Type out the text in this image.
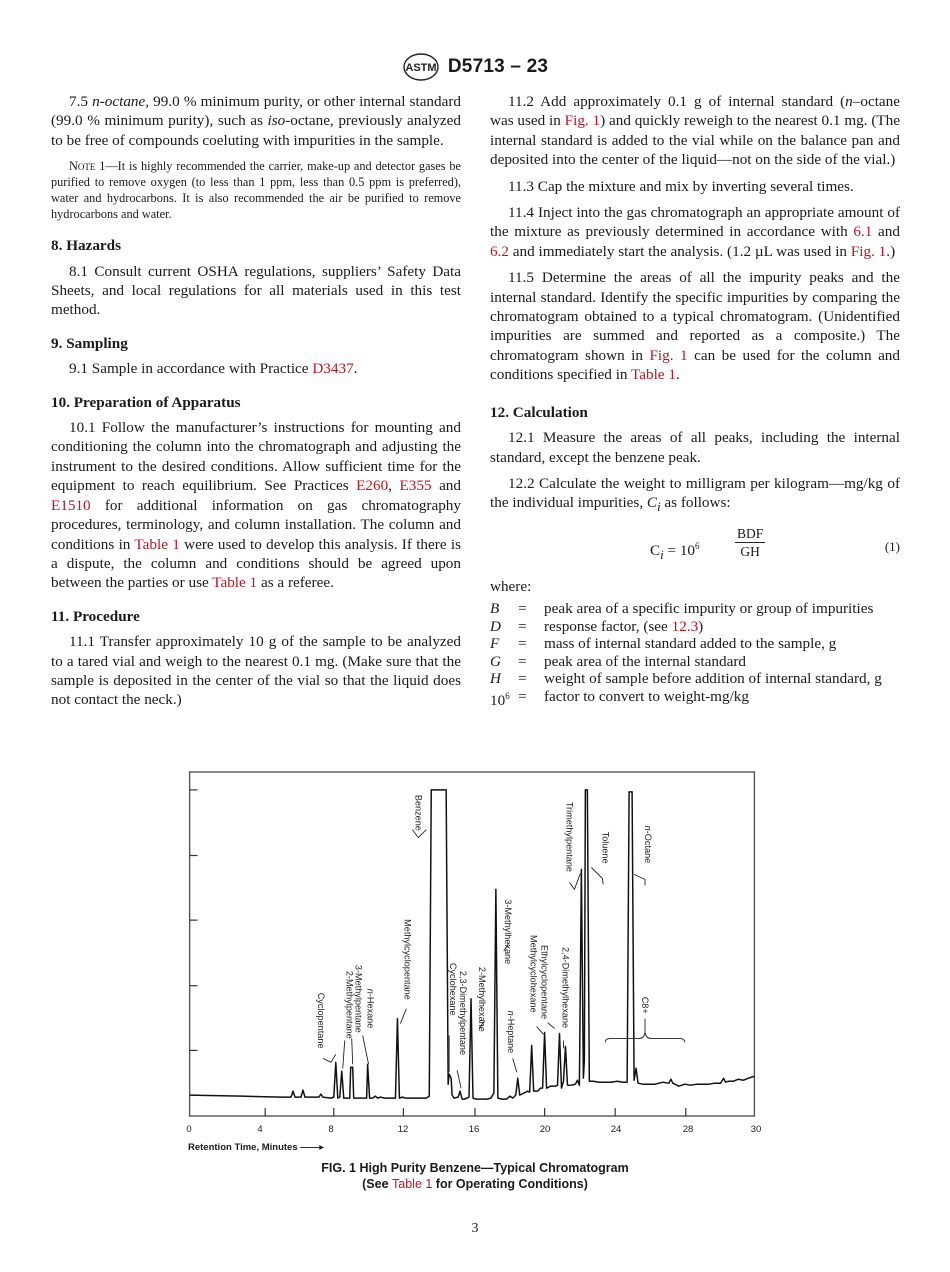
ASTM D5713 – 23

7.5 n-octane, 99.0 % minimum purity, or other internal standard (99.0 % minimum purity), such as iso-octane, previously analyzed to be free of compounds coeluting with impurities in the sample.

Note 1—It is highly recommended the carrier, make-up and detector gases be purified to remove oxygen (to less than 1 ppm, less than 0.5 ppm is preferred), water and hydrocarbons. It is also recommended the air be purified to remove hydrocarbons and water.

8. Hazards

8.1 Consult current OSHA regulations, suppliers’ Safety Data Sheets, and local regulations for all materials used in this test method.

9. Sampling

9.1 Sample in accordance with Practice D3437.

10. Preparation of Apparatus

10.1 Follow the manufacturer’s instructions for mounting and conditioning the column into the chromatograph and adjusting the instrument to the desired conditions. Allow sufficient time for the equipment to reach equilibrium. See Practices E260, E355 and E1510 for additional information on gas chromatography procedures, terminology, and column installation. The column and conditions in Table 1 were used to develop this analysis. If there is a dispute, the column and conditions should be agreed upon between the parties or use Table 1 as a referee.

11. Procedure

11.1 Transfer approximately 10 g of the sample to be analyzed to a tared vial and weigh to the nearest 0.1 mg. (Make sure that the sample is deposited in the center of the vial so that the liquid does not contact the neck.)

11.2 Add approximately 0.1 g of internal standard (n–octane was used in Fig. 1) and quickly reweigh to the nearest 0.1 mg. (The internal standard is added to the vial while on the balance pan and deposited into the center of the liquid—not on the side of the vial.)

11.3 Cap the mixture and mix by inverting several times.

11.4 Inject into the gas chromatograph an appropriate amount of the mixture as previously determined in accordance with 6.1 and 6.2 and immediately start the analysis. (1.2 µL was used in Fig. 1.)

11.5 Determine the areas of all the impurity peaks and the internal standard. Identify the specific impurities by comparing the chromatogram obtained to a typical chromatogram. (Unidentified impurities are summed and reported as a composite.) The chromatogram shown in Fig. 1 can be used for the column and conditions specified in Table 1.

12. Calculation

12.1 Measure the areas of all peaks, including the internal standard, except the benzene peak.

12.2 Calculate the weight to milligram per kilogram—mg/kg of the individual impurities, $C_i$ as follows:

$C_i = 10^6$
BDF
GH	(1)
where:
B	=	peak area of a specific impurity or group of impurities
D	=	response factor, (see 12.3)
F	=	mass of internal standard added to the sample, g
G	=	peak area of the internal standard
H	=	weight of sample before addition of internal standard, g
$10^6$ =	factor to convert to weight-mg/kg
Benzene
Methylcyclopentane
n-Hexane
3-Methylpentane
2-Methylpentane
Cyclopentane
Cyclohexane 2,3-Dimethylpentane 2-Methylhexane
3-Methylhexane
n-Heptane
Methylcyclohexane Ethylcyclopentane 2,4-Dimethylhexane
Trimethylpentane	Toluene
n-Octane
C8+
0	4	8	12	16	20	24	28	30
Retention Time, Minutes ——▸
FIG. 1 High Purity Benzene—Typical Chromatogram
(See Table 1 for Operating Conditions)
3
